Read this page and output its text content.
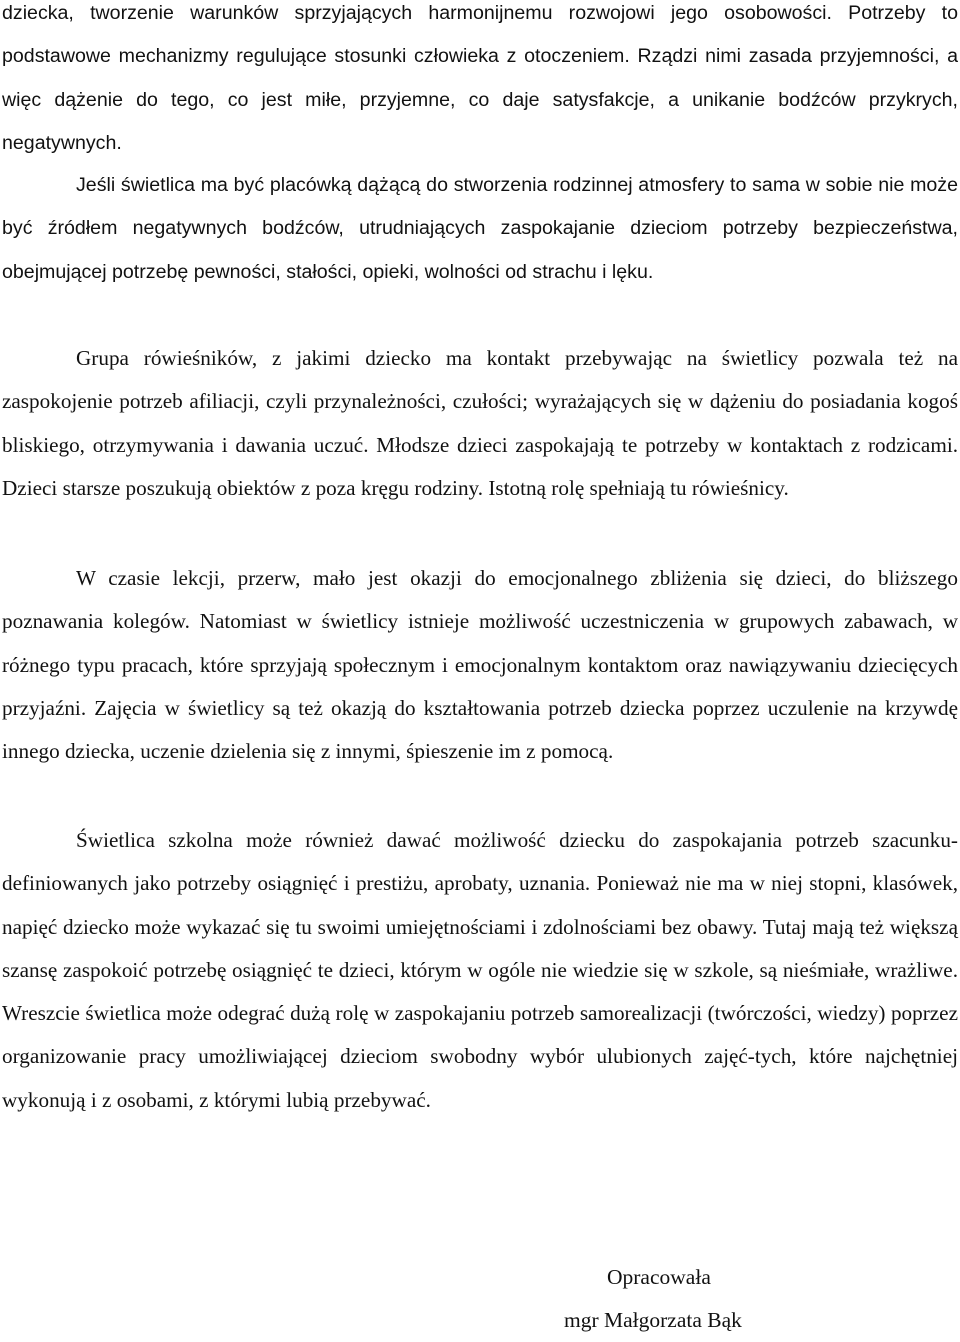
dziecka, tworzenie warunków sprzyjających harmonijnemu rozwojowi jego osobowości. Potrzeby to podstawowe mechanizmy regulujące stosunki człowieka z otoczeniem. Rządzi nimi zasada przyjemności, a więc dążenie do tego, co jest miłe, przyjemne, co daje satysfakcje, a unikanie bodźców przykrych, negatywnych.

Jeśli świetlica ma być placówką dążącą do stworzenia rodzinnej atmosfery to sama w sobie nie może być źródłem negatywnych bodźców, utrudniających zaspokajanie dzieciom potrzeby bezpieczeństwa, obejmującej potrzebę pewności, stałości, opieki, wolności od strachu i lęku.

Grupa rówieśników, z jakimi dziecko ma kontakt przebywając na świetlicy pozwala też na zaspokojenie potrzeb afiliacji, czyli przynależności, czułości; wyrażających się w dążeniu do posiadania kogoś bliskiego, otrzymywania i dawania uczuć. Młodsze dzieci zaspokajają te potrzeby w kontaktach z rodzicami. Dzieci starsze poszukują obiektów z poza kręgu rodziny. Istotną rolę spełniają tu rówieśnicy.

W czasie lekcji, przerw, mało jest okazji do emocjonalnego zbliżenia się dzieci, do bliższego poznawania kolegów. Natomiast w świetlicy istnieje możliwość uczestniczenia w grupowych zabawach, w różnego typu pracach, które sprzyjają społecznym i emocjonalnym kontaktom oraz nawiązywaniu dziecięcych przyjaźni. Zajęcia w świetlicy są też okazją do kształtowania potrzeb dziecka poprzez uczulenie na krzywdę innego dziecka, uczenie dzielenia się z innymi, śpieszenie im z pomocą.

Świetlica szkolna może również dawać możliwość dziecku do zaspokajania potrzeb szacunku-definiowanych jako potrzeby osiągnięć i prestiżu, aprobaty, uznania. Ponieważ nie ma w niej stopni, klasówek, napięć dziecko może wykazać się tu swoimi umiejętnościami i zdolnościami bez obawy. Tutaj mają też większą szansę zaspokoić potrzebę osiągnięć te dzieci, którym w ogóle nie wiedzie się w szkole, są nieśmiałe, wrażliwe. Wreszcie świetlica może odegrać dużą rolę w zaspokajaniu potrzeb samorealizacji (twórczości, wiedzy) poprzez organizowanie pracy umożliwiającej dzieciom swobodny wybór ulubionych zajęć-tych, które najchętniej wykonują i z osobami, z którymi lubią przebywać.

Opracowała

mgr Małgorzata Bąk
